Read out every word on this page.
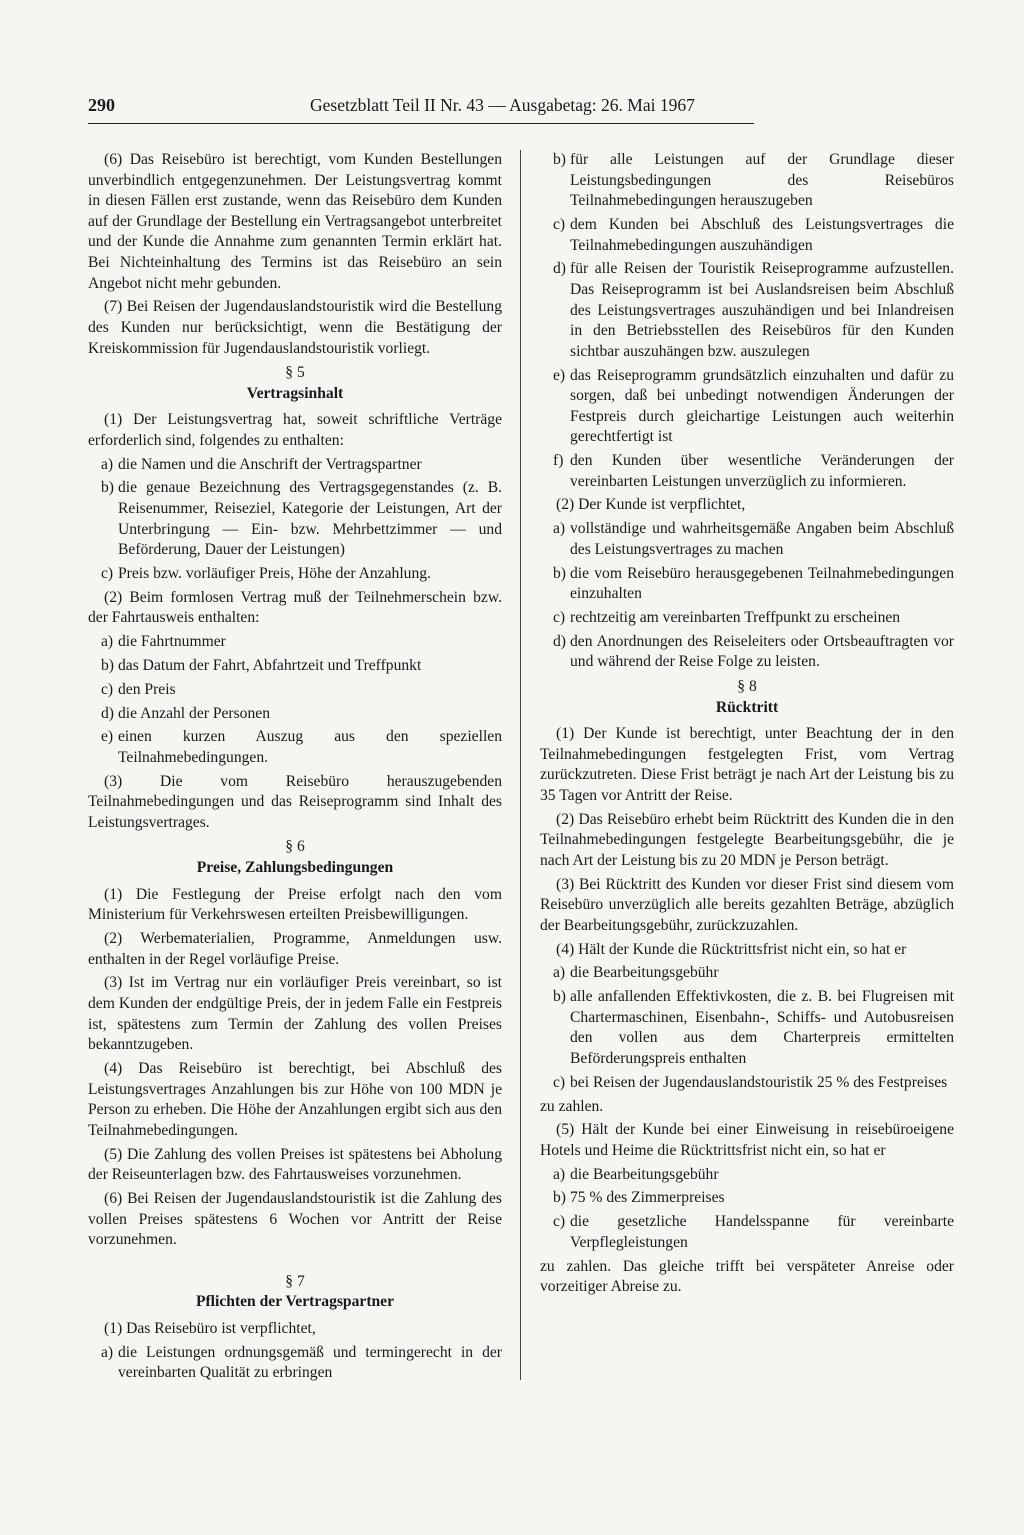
290	Gesetzblatt Teil II Nr. 43 — Ausgabetag: 26. Mai 1967

(6) Das Reisebüro ist berechtigt, vom Kunden Bestellungen unverbindlich entgegenzunehmen. Der Leistungsvertrag kommt in diesen Fällen erst zustande, wenn das Reisebüro dem Kunden auf der Grundlage der Bestellung ein Vertragsangebot unterbreitet und der Kunde die Annahme zum genannten Termin erklärt hat. Bei Nichteinhaltung des Termins ist das Reisebüro an sein Angebot nicht mehr gebunden.

(7) Bei Reisen der Jugendauslandstouristik wird die Bestellung des Kunden nur berücksichtigt, wenn die Bestätigung der Kreiskommission für Jugendauslandstouristik vorliegt.

§ 5
Vertragsinhalt

(1) Der Leistungsvertrag hat, soweit schriftliche Verträge erforderlich sind, folgendes zu enthalten:

a) die Namen und die Anschrift der Vertragspartner
b) die genaue Bezeichnung des Vertragsgegenstandes (z. B. Reisenummer, Reiseziel, Kategorie der Leistungen, Art der Unterbringung — Ein- bzw. Mehrbettzimmer — und Beförderung, Dauer der Leistungen)
c) Preis bzw. vorläufiger Preis, Höhe der Anzahlung.

(2) Beim formlosen Vertrag muß der Teilnehmerschein bzw. der Fahrtausweis enthalten:

a) die Fahrtnummer
b) das Datum der Fahrt, Abfahrtzeit und Treffpunkt
c) den Preis
d) die Anzahl der Personen
e) einen kurzen Auszug aus den speziellen Teilnahmebedingungen.

(3) Die vom Reisebüro herauszugebenden Teilnahmebedingungen und das Reiseprogramm sind Inhalt des Leistungsvertrages.

§ 6
Preise, Zahlungsbedingungen

(1) Die Festlegung der Preise erfolgt nach den vom Ministerium für Verkehrswesen erteilten Preisbewilligungen.

(2) Werbematerialien, Programme, Anmeldungen usw. enthalten in der Regel vorläufige Preise.

(3) Ist im Vertrag nur ein vorläufiger Preis vereinbart, so ist dem Kunden der endgültige Preis, der in jedem Falle ein Festpreis ist, spätestens zum Termin der Zahlung des vollen Preises bekanntzugeben.

(4) Das Reisebüro ist berechtigt, bei Abschluß des Leistungsvertrages Anzahlungen bis zur Höhe von 100 MDN je Person zu erheben. Die Höhe der Anzahlungen ergibt sich aus den Teilnahmebedingungen.

(5) Die Zahlung des vollen Preises ist spätestens bei Abholung der Reiseunterlagen bzw. des Fahrtausweises vorzunehmen.

(6) Bei Reisen der Jugendauslandstouristik ist die Zahlung des vollen Preises spätestens 6 Wochen vor Antritt der Reise vorzunehmen.

§ 7
Pflichten der Vertragspartner

(1) Das Reisebüro ist verpflichtet,

a) die Leistungen ordnungsgemäß und termingerecht in der vereinbarten Qualität zu erbringen
b) für alle Leistungen auf der Grundlage dieser Leistungsbedingungen des Reisebüros Teilnahmebedingungen herauszugeben
c) dem Kunden bei Abschluß des Leistungsvertrages die Teilnahmebedingungen auszuhändigen
d) für alle Reisen der Touristik Reiseprogramme aufzustellen. Das Reiseprogramm ist bei Auslandsreisen beim Abschluß des Leistungsvertrages auszuhändigen und bei Inlandreisen in den Betriebsstellen des Reisebüros für den Kunden sichtbar auszuhängen bzw. auszulegen
e) das Reiseprogramm grundsätzlich einzuhalten und dafür zu sorgen, daß bei unbedingt notwendigen Änderungen der Festpreis durch gleichartige Leistungen auch weiterhin gerechtfertigt ist
f) den Kunden über wesentliche Veränderungen der vereinbarten Leistungen unverzüglich zu informieren.

(2) Der Kunde ist verpflichtet,

a) vollständige und wahrheitsgemäße Angaben beim Abschluß des Leistungsvertrages zu machen
b) die vom Reisebüro herausgegebenen Teilnahmebedingungen einzuhalten
c) rechtzeitig am vereinbarten Treffpunkt zu erscheinen
d) den Anordnungen des Reiseleiters oder Ortsbeauftragten vor und während der Reise Folge zu leisten.
§ 8
Rücktritt

(1) Der Kunde ist berechtigt, unter Beachtung der in den Teilnahmebedingungen festgelegten Frist, vom Vertrag zurückzutreten. Diese Frist beträgt je nach Art der Leistung bis zu 35 Tagen vor Antritt der Reise.

(2) Das Reisebüro erhebt beim Rücktritt des Kunden die in den Teilnahmebedingungen festgelegte Bearbeitungsgebühr, die je nach Art der Leistung bis zu 20 MDN je Person beträgt.

(3) Bei Rücktritt des Kunden vor dieser Frist sind diesem vom Reisebüro unverzüglich alle bereits gezahlten Beträge, abzüglich der Bearbeitungsgebühr, zurückzuzahlen.

(4) Hält der Kunde die Rücktrittsfrist nicht ein, so hat er

a) die Bearbeitungsgebühr
b) alle anfallenden Effektivkosten, die z. B. bei Flugreisen mit Chartermaschinen, Eisenbahn-, Schiffs- und Autobusreisen den vollen aus dem Charterpreis ermittelten Beförderungspreis enthalten
c) bei Reisen der Jugendauslandstouristik 25 % des Festpreises

zu zahlen.

(5) Hält der Kunde bei einer Einweisung in reisebüroeigene Hotels und Heime die Rücktrittsfrist nicht ein, so hat er

a) die Bearbeitungsgebühr
b) 75 % des Zimmerpreises
c) die gesetzliche Handelsspanne für vereinbarte Verpflegleistungen

zu zahlen. Das gleiche trifft bei verspäteter Anreise oder vorzeitiger Abreise zu.
